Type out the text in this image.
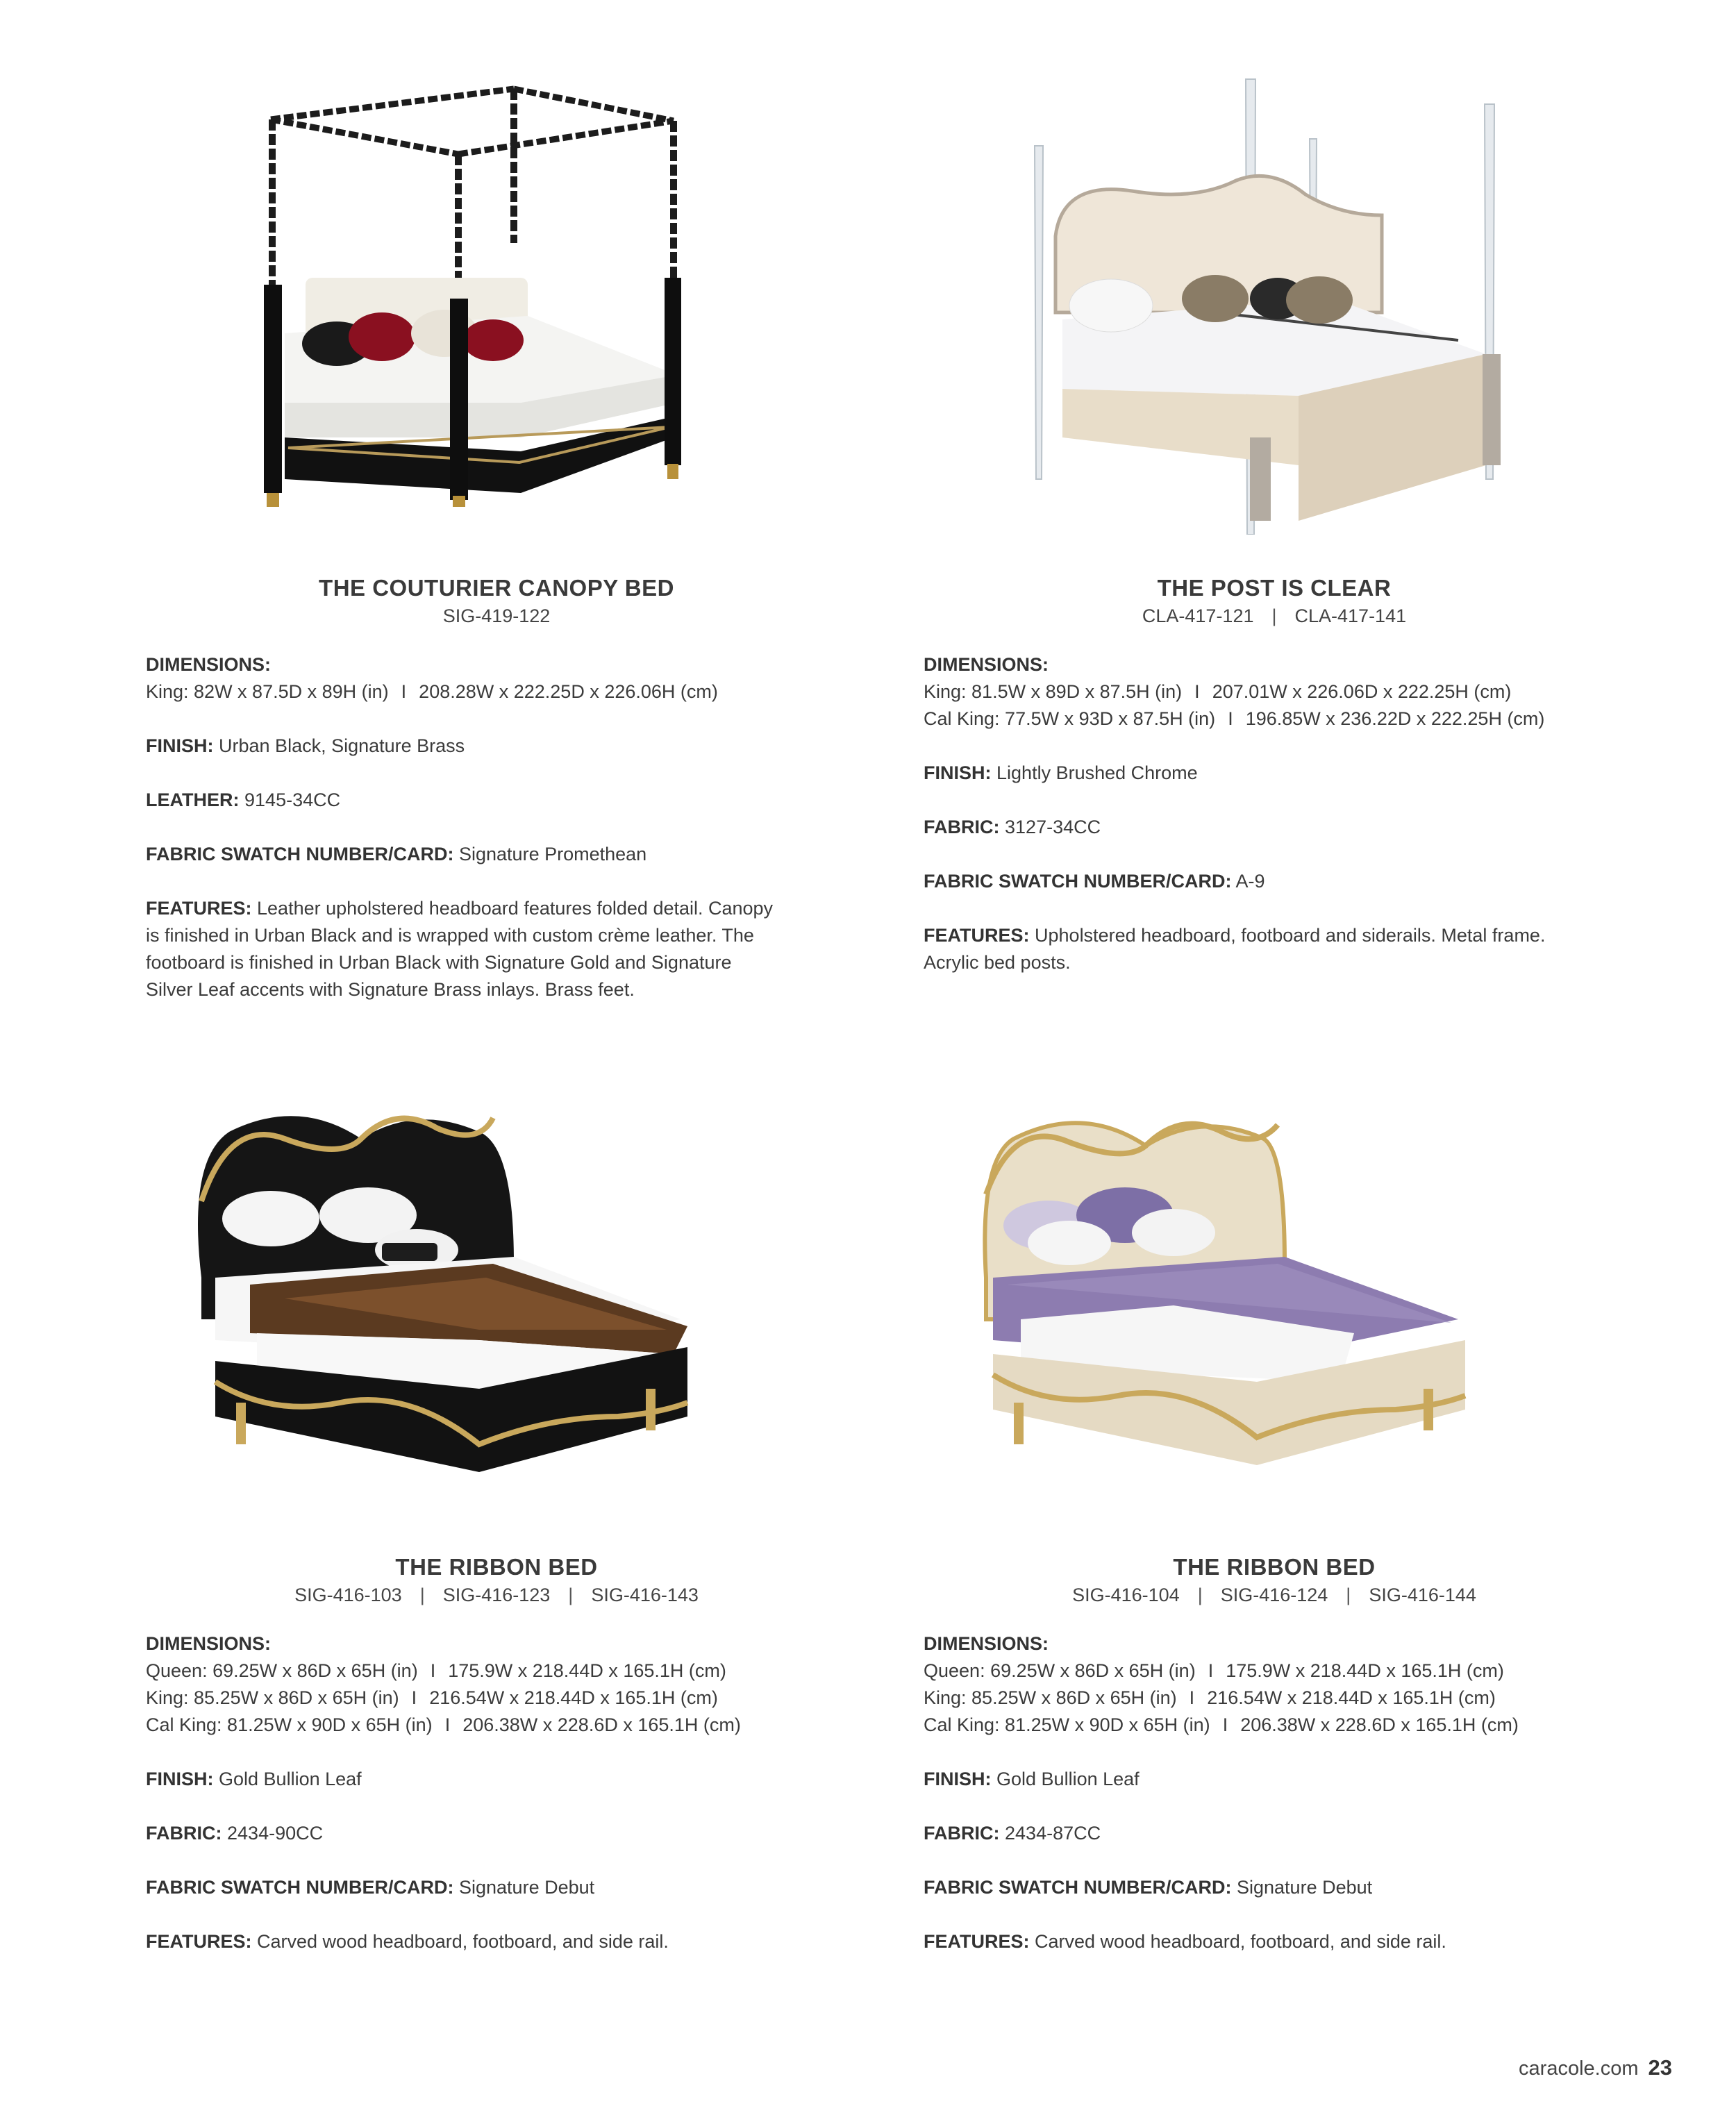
THE COUTURIER CANOPY BED
SIG-419-122
DIMENSIONS:
King: 82W x 87.5D x 89H (in) I 208.28W x 222.25D x 226.06H (cm)
FINISH: Urban Black, Signature Brass
LEATHER: 9145-34CC
FABRIC SWATCH NUMBER/CARD: Signature Promethean
FEATURES: Leather upholstered headboard features folded detail. Canopy
is finished in Urban Black and is wrapped with custom crème leather. The
footboard is finished in Urban Black with Signature Gold and Signature
Silver Leaf accents with Signature Brass inlays. Brass feet.
THE POST IS CLEAR
CLA-417-121 | CLA-417-141
DIMENSIONS:
King: 81.5W x 89D x 87.5H (in) I 207.01W x 226.06D x 222.25H (cm)
Cal King: 77.5W x 93D x 87.5H (in) I 196.85W x 236.22D x 222.25H (cm)
FINISH: Lightly Brushed Chrome
FABRIC: 3127-34CC
FABRIC SWATCH NUMBER/CARD: A-9
FEATURES: Upholstered headboard, footboard and siderails. Metal frame.
Acrylic bed posts.
THE RIBBON BED
SIG-416-103 | SIG-416-123 | SIG-416-143
DIMENSIONS:
Queen: 69.25W x 86D x 65H (in) I 175.9W x 218.44D x 165.1H (cm)
King: 85.25W x 86D x 65H (in) I 216.54W x 218.44D x 165.1H (cm)
Cal King: 81.25W x 90D x 65H (in) I 206.38W x 228.6D x 165.1H (cm)
FINISH: Gold Bullion Leaf
FABRIC: 2434-90CC
FABRIC SWATCH NUMBER/CARD: Signature Debut
FEATURES: Carved wood headboard, footboard, and side rail.
THE RIBBON BED
SIG-416-104 | SIG-416-124 | SIG-416-144
DIMENSIONS:
Queen: 69.25W x 86D x 65H (in) I 175.9W x 218.44D x 165.1H (cm)
King: 85.25W x 86D x 65H (in) I 216.54W x 218.44D x 165.1H (cm)
Cal King: 81.25W x 90D x 65H (in) I 206.38W x 228.6D x 165.1H (cm)
FINISH: Gold Bullion Leaf
FABRIC: 2434-87CC
FABRIC SWATCH NUMBER/CARD: Signature Debut
FEATURES: Carved wood headboard, footboard, and side rail.
caracole.com 23
